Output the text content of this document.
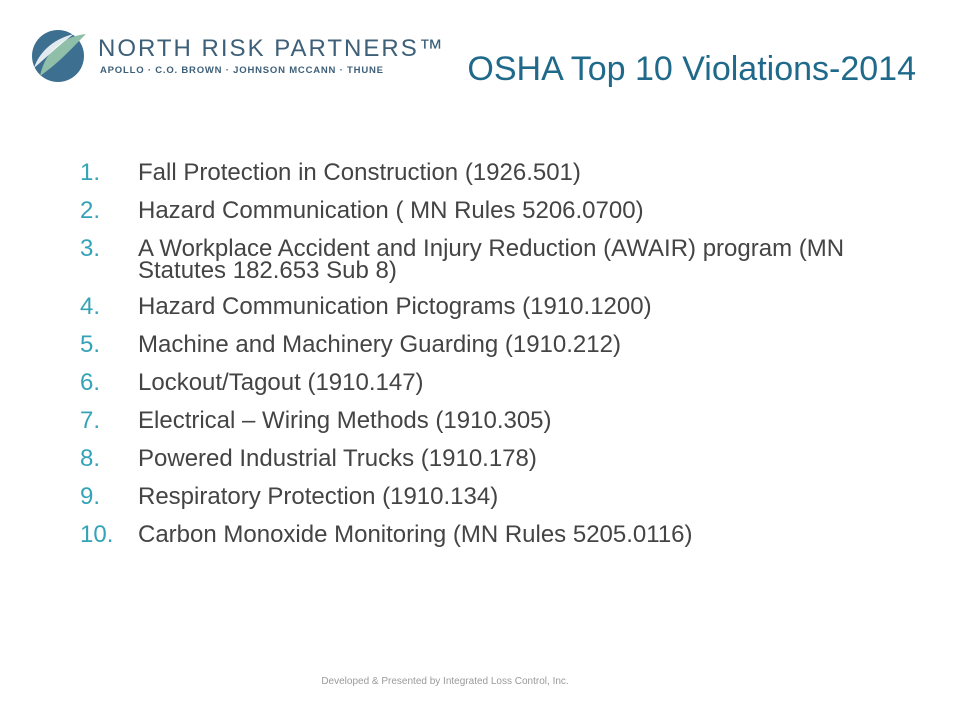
NORTH RISK PARTNERS™
APOLLO · C.O. BROWN · JOHNSON MCCANN · THUNE OSHA Top 10 Violations-2014
1.	Fall Protection in Construction (1926.501)
2.	Hazard Communication ( MN Rules 5206.0700)
3.	A Workplace Accident and Injury Reduction (AWAIR) program (MN Statutes 182.653 Sub 8)
4.	Hazard Communication Pictograms (1910.1200)
5.	Machine and Machinery Guarding (1910.212)
6.	Lockout/Tagout (1910.147)
7.	Electrical – Wiring Methods (1910.305)
8.	Powered Industrial Trucks (1910.178)
9.	Respiratory Protection (1910.134)
10.	Carbon Monoxide Monitoring (MN Rules 5205.0116)
Developed & Presented by Integrated Loss Control, Inc.
